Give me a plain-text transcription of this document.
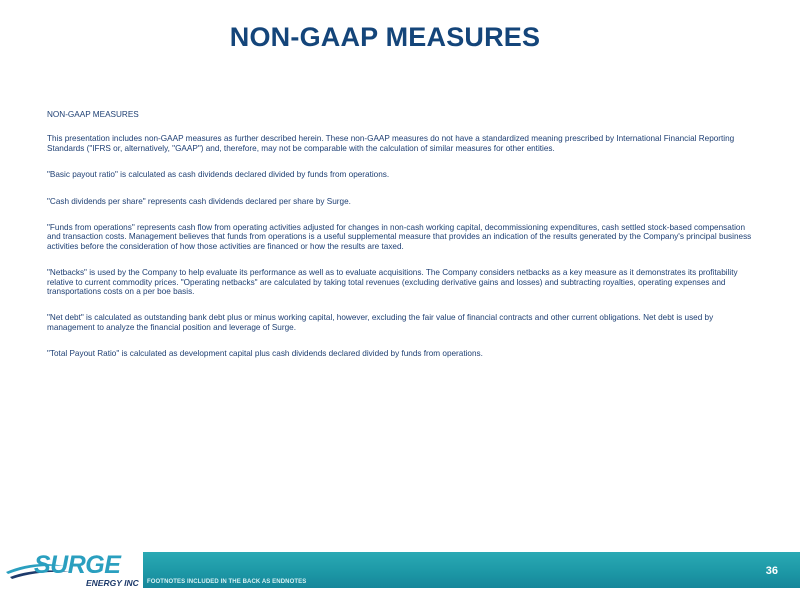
NON-GAAP MEASURES

NON-GAAP MEASURES

This presentation includes non-GAAP measures as further described herein. These non-GAAP measures do not have a standardized meaning prescribed by International Financial Reporting Standards ("IFRS or, alternatively, "GAAP") and, therefore, may not be comparable with the calculation of similar measures for other entities.

"Basic payout ratio" is calculated as cash dividends declared divided by funds from operations.

"Cash dividends per share" represents cash dividends declared per share by Surge.

"Funds from operations" represents cash flow from operating activities adjusted for changes in non-cash working capital, decommissioning expenditures, cash settled stock-based compensation and transaction costs. Management believes that funds from operations is a useful supplemental measure that provides an indication of the results generated by the Company's principal business activities before the consideration of how those activities are financed or how the results are taxed.

"Netbacks" is used by the Company to help evaluate its performance as well as to evaluate acquisitions. The Company considers netbacks as a key measure as it demonstrates its profitability relative to current commodity prices. "Operating netbacks" are calculated by taking total revenues (excluding derivative gains and losses) and subtracting royalties, operating expenses and transportations costs on a per boe basis.

"Net debt" is calculated as outstanding bank debt plus or minus working capital, however, excluding the fair value of financial contracts and other current obligations. Net debt is used by management to analyze the financial position and leverage of Surge.

"Total Payout Ratio" is calculated as development capital plus cash dividends declared divided by funds from operations.

SURGE
ENERGY INC
36
FOOTNOTES INCLUDED IN THE BACK AS ENDNOTES
